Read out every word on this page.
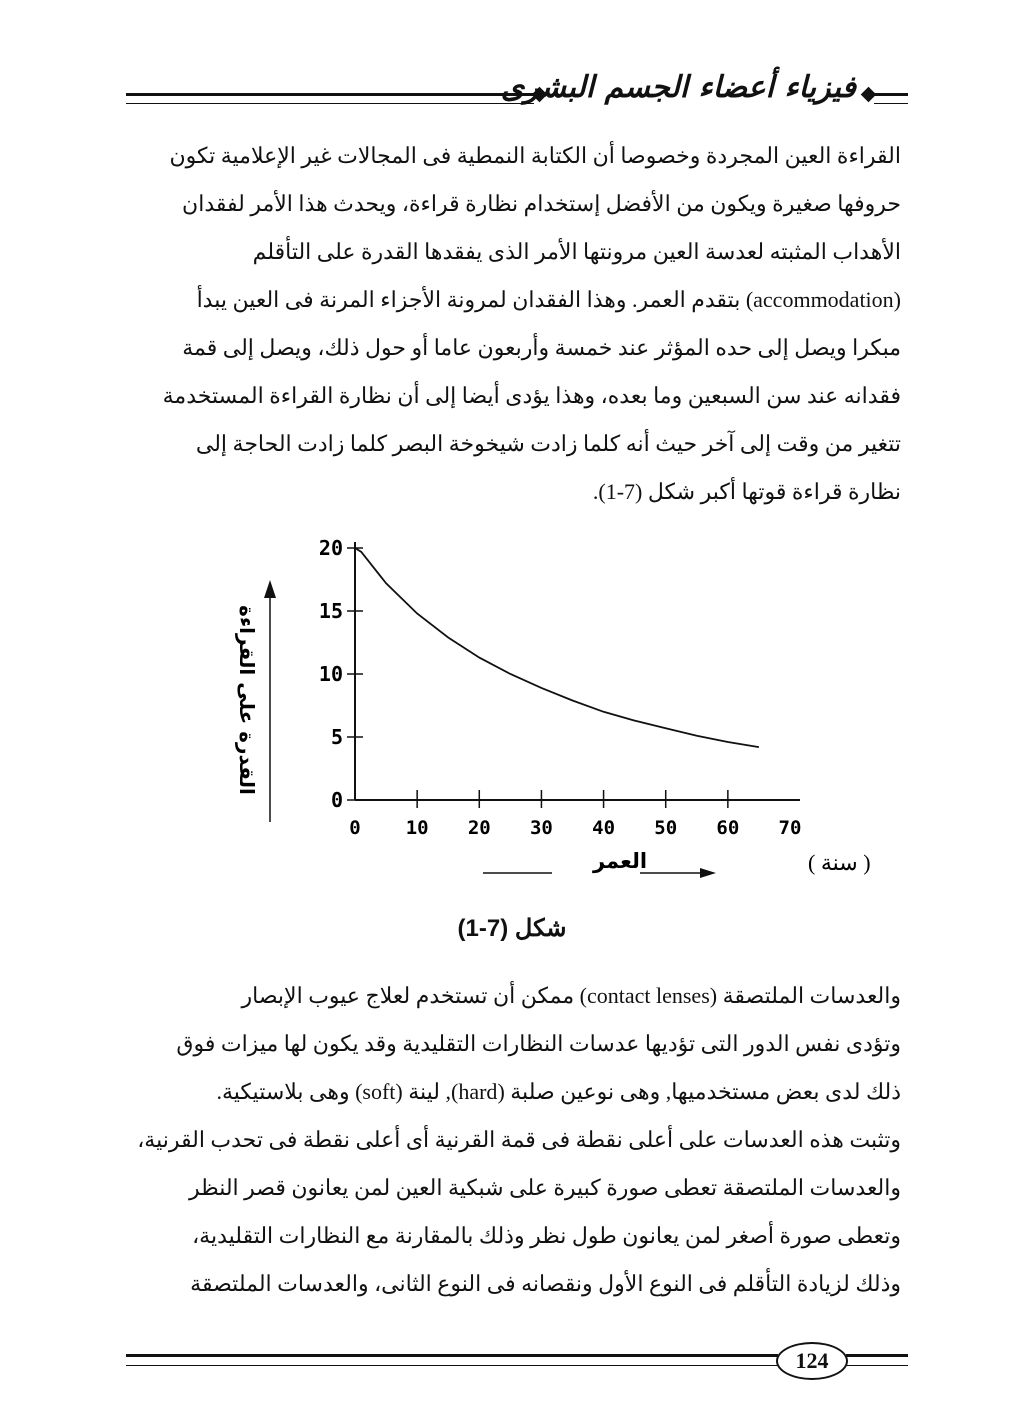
فيزياء أعضاء الجسم البشرى

القراءة العين المجردة وخصوصا أن الكتابة النمطية فى المجالات غير الإعلامية تكون

حروفها صغيرة ويكون من الأفضل إستخدام نظارة قراءة، ويحدث هذا الأمر لفقدان

الأهداب المثبته لعدسة العين مرونتها الأمر الذى يفقدها القدرة على التأقلم

(accommodation) بتقدم العمر. وهذا الفقدان لمرونة الأجزاء المرنة فى العين يبدأ

مبكرا ويصل إلى حده المؤثر عند خمسة وأربعون عاما أو حول ذلك، ويصل إلى قمة

فقدانه عند سن السبعين وما بعده، وهذا يؤدى أيضا إلى أن نظارة القراءة المستخدمة

تتغير من وقت إلى آخر حيث أنه كلما زادت شيخوخة البصر كلما زادت الحاجة إلى

نظارة قراءة قوتها أكبر شكل (7-1).

0
5
10
15
20
0 10 20 30 40 50 60 70
القدرة على القراءة
( سنة )
العمر
شكل (7-1)

والعدسات الملتصقة (contact lenses) ممكن أن تستخدم لعلاج عيوب الإبصار

وتؤدى نفس الدور التى تؤديها عدسات النظارات التقليدية وقد يكون لها ميزات فوق

ذلك لدى بعض مستخدميها, وهى نوعين صلبة (hard), لينة (soft) وهى بلاستيكية.

وتثبت هذه العدسات على أعلى نقطة فى قمة القرنية أى أعلى نقطة فى تحدب القرنية،

والعدسات الملتصقة تعطى صورة كبيرة على شبكية العين لمن يعانون قصر النظر

وتعطى صورة أصغر لمن يعانون طول نظر وذلك بالمقارنة مع النظارات التقليدية،

وذلك لزيادة التأقلم فى النوع الأول ونقصانه فى النوع الثانى، والعدسات الملتصقة

124
